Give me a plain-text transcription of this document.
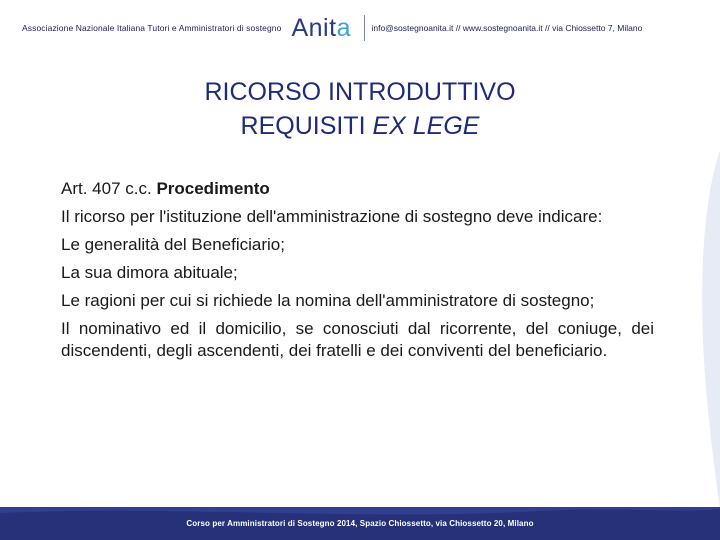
Associazione Nazionale Italiana Tutori e Amministratori di sostegno Anit a info@sostegnoanita.it // www.sostegnoanita.it // via Chiossetto 7, Milano
RICORSO INTRODUTTIVO
REQUISITI EX LEGE

Art. 407 c.c. Procedimento

Il ricorso per l'istituzione dell'amministrazione di sostegno deve indicare:

Le generalità del Beneficiario;

La sua dimora abituale;

Le ragioni per cui si richiede la nomina dell'amministratore di sostegno;

Il nominativo ed il domicilio, se conosciuti dal ricorrente, del coniuge, dei discendenti, degli ascendenti, dei fratelli e dei conviventi del beneficiario.

Corso per Amministratori di Sostegno 2014, Spazio Chiossetto, via Chiossetto 20, Milano
